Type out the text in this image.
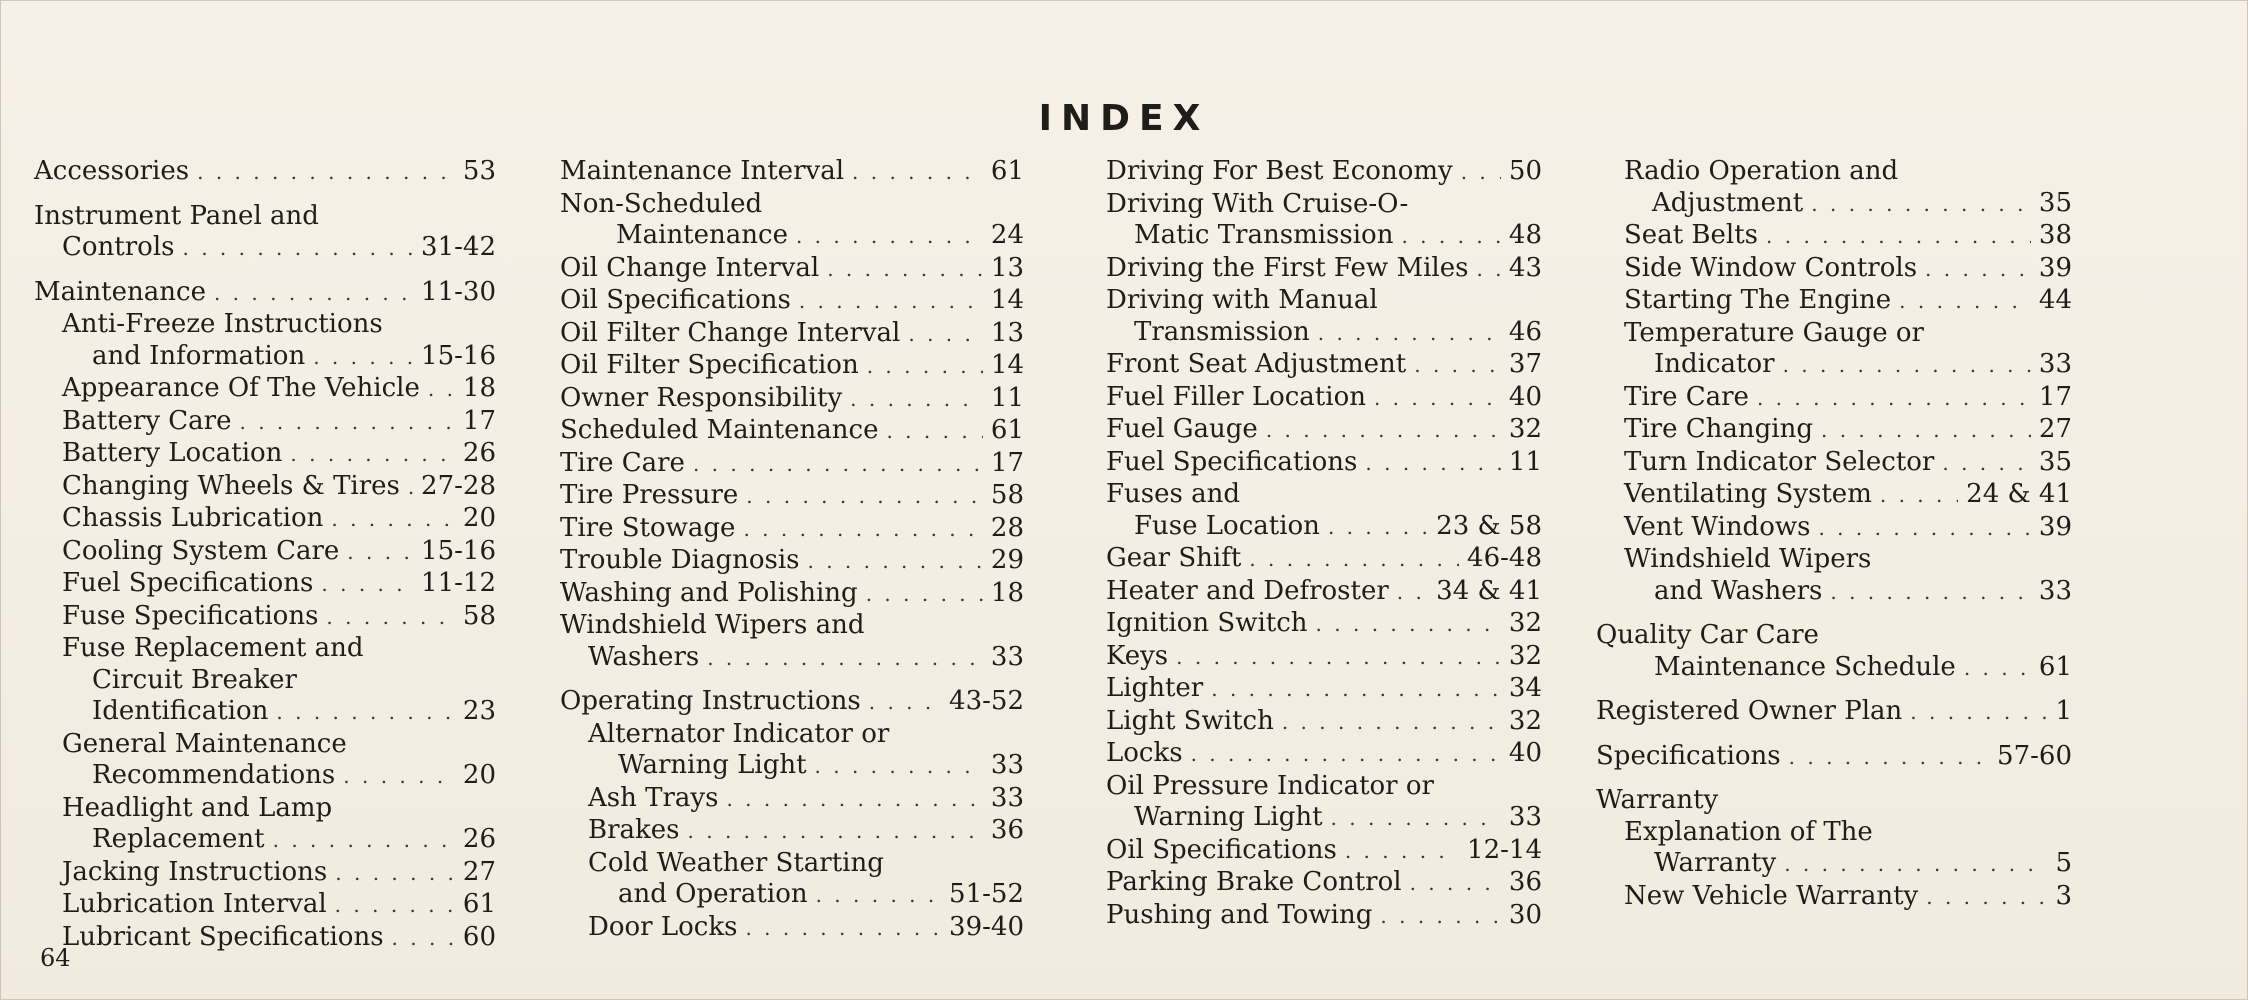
INDEX
Accessories . . .	53
Instrument Panel and
Controls . . .	31-42
Maintenance . . .	11-30
Anti-Freeze Instructions
and Information . . .	15-16
Appearance Of The Vehicle . . . 18
Battery Care . . .	17
Battery Location . . .	26
Changing Wheels & Tires . . . 27-28
Chassis Lubrication . . .	20
Cooling System Care . . .	15-16
Fuel Specifications . . .	11-12
Fuse Specifications . . .	58
Fuse Replacement and
Circuit Breaker
Identification . . .	23
General Maintenance
Recommendations . . .	20
Headlight and Lamp
Replacement . . .	26
Jacking Instructions . . .	27
Lubrication Interval . . .	61
Lubricant Specifications . . .	60
Maintenance Interval . . .	61
Non-Scheduled
Maintenance . . .	24
Oil Change Interval . . .	13
Oil Specifications . . .	14
Oil Filter Change Interval . . .	13
Oil Filter Specification . . .	14
Owner Responsibility . . .	11
Scheduled Maintenance . . .	61
Tire Care . . .	17
Tire Pressure . . .	58
Tire Stowage . . .	28
Trouble Diagnosis . . .	29
Washing and Polishing . . .	18
Windshield Wipers and
Washers . . .	33
Operating Instructions . . .	43-52
Alternator Indicator or
Warning Light . . .	33
Ash Trays . . .	33
Brakes . . .	36
Cold Weather Starting
and Operation . . .	51-52
Door Locks . . .	39-40
Driving For Best Economy . . . 50
Driving With Cruise-O-
Matic Transmission . . .	48
Driving the First Few Miles . . . 43
Driving with Manual
Transmission . . .	46
Front Seat Adjustment . . .	37
Fuel Filler Location . . .	40
Fuel Gauge . . .	32
Fuel Specifications . . .	11
Fuses and
Fuse Location . . .	23 & 58
Gear Shift . . .	46-48
Heater and Defroster . . . 34 & 41
Ignition Switch . . .	32
Keys . . .	32
Lighter . . .	34
Light Switch . . .	32
Locks . . .	40
Oil Pressure Indicator or
Warning Light . . .	33
Oil Specifications . . .	12-14
Parking Brake Control . . .	36
Pushing and Towing . . .	30
Radio Operation and
Adjustment . . .	35
Seat Belts . . .	38
Side Window Controls . . .	39
Starting The Engine . . .	44
Temperature Gauge or
Indicator . . .	33
Tire Care . . .	17
Tire Changing . . .	27
Turn Indicator Selector . . .	35
Ventilating System . . .	24 & 41
Vent Windows . . .	39
Windshield Wipers
and Washers . . .	33
Quality Car Care
Maintenance Schedule . . .	61
Registered Owner Plan . . .	1
Specifications . . .	57-60
Warranty
Explanation of The
Warranty . . .	5
New Vehicle Warranty . . .	3
64
